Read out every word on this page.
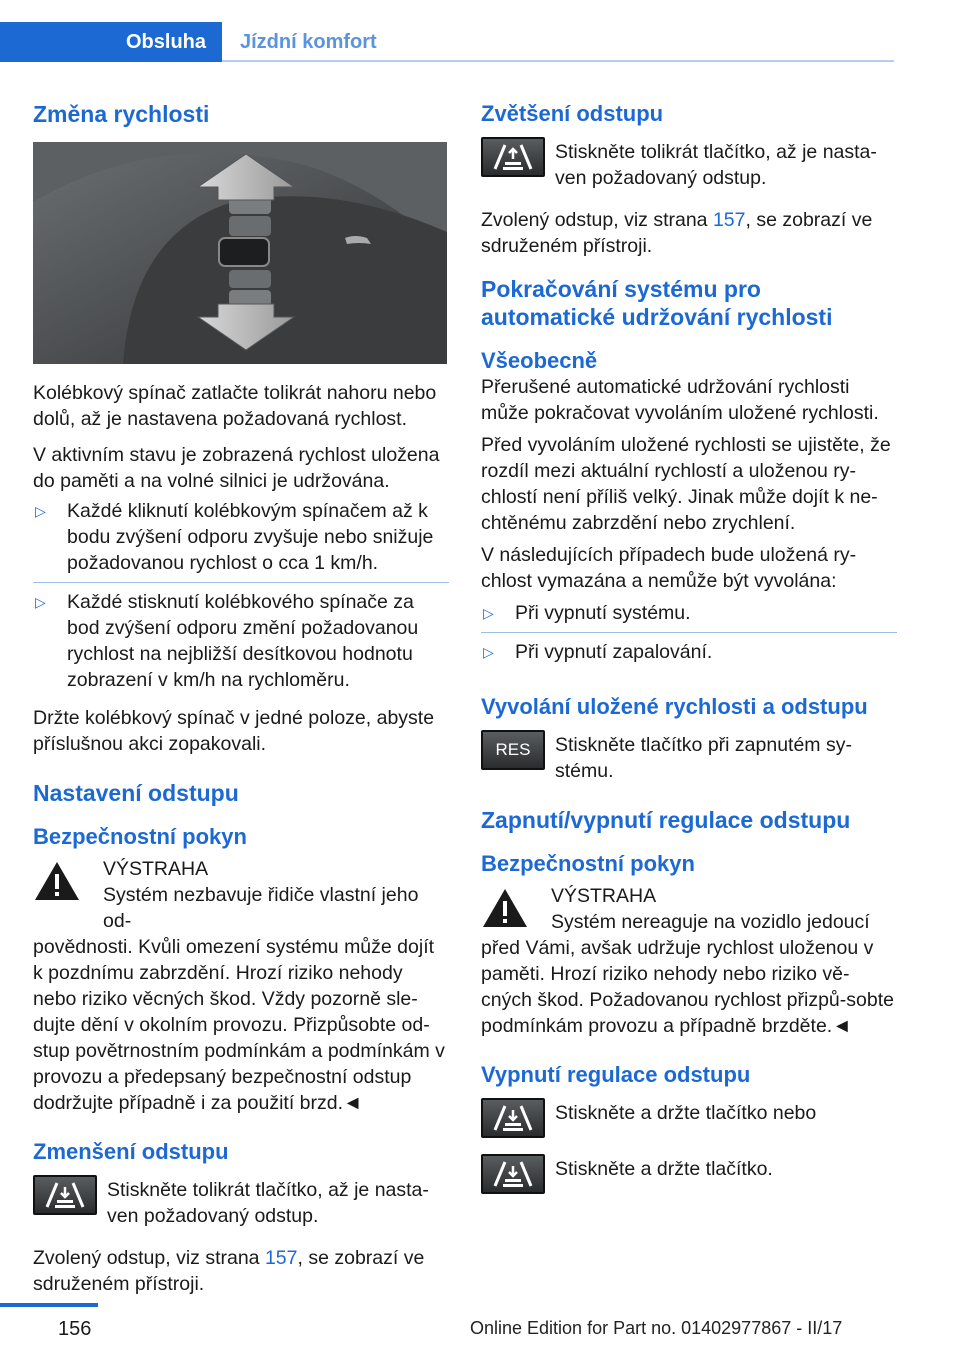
Obsluha	Jízdní komfort
Změna rychlosti

Kolébkový spínač zatlačte tolikrát nahoru nebo dolů, až je nastavena požadovaná rychlost.

V aktivním stavu je zobrazená rychlost uložena do paměti a na volné silnici je udržována.

▷ Každé kliknutí kolébkovým spínačem až k bodu zvýšení odporu zvyšuje nebo snižuje požadovanou rychlost o cca 1 km/h.
▷ Každé stisknutí kolébkového spínače za bod zvýšení odporu změní požadovanou rychlost na nejbližší desítkovou hodnotu zobrazení v km/h na rychloměru.

Držte kolébkový spínač v jedné poloze, abyste příslušnou akci zopakovali.

Nastavení odstupu
Bezpečnostní pokyn

VÝSTRAHA

Systém nezbavuje řidiče vlastní jeho od-

povědnosti. Kvůli omezení systému může dojít k pozdnímu zabrzdění. Hrozí riziko nehody nebo riziko věcných škod. Vždy pozorně sle-dujte dění v okolním provozu. Přizpůsobte od-stup povětrnostním podmínkám a podmínkám v provozu a předepsaný bezpečnostní odstup dodržujte případně i za použití brzd.◄

Zmenšení odstupu

Stiskněte tolikrát tlačítko, až je nasta-ven požadovaný odstup.

Zvolený odstup, viz strana 157, se zobrazí ve sdruženém přístroji.

Zvětšení odstupu

Stiskněte tolikrát tlačítko, až je nasta-ven požadovaný odstup.

Zvolený odstup, viz strana 157, se zobrazí ve sdruženém přístroji.

Pokračování systému pro automatické udržování rychlosti
Všeobecně

Přerušené automatické udržování rychlosti může pokračovat vyvoláním uložené rychlosti.

Před vyvoláním uložené rychlosti se ujistěte, že rozdíl mezi aktuální rychlostí a uloženou ry-chlostí není příliš velký. Jinak může dojít k ne-chtěnému zabrzdění nebo zrychlení.

V následujících případech bude uložená ry-chlost vymazána a nemůže být vyvolána:

▷ Při vypnutí systému.
▷ Při vypnutí zapalování.
Vyvolání uložené rychlosti a odstupu
RES Stiskněte tlačítko při zapnutém sy-stému.

Zapnutí/vypnutí regulace odstupu
Bezpečnostní pokyn

VÝSTRAHA

Systém nereaguje na vozidlo jedoucí

před Vámi, avšak udržuje rychlost uloženou v paměti. Hrozí riziko nehody nebo riziko vě-cných škod. Požadovanou rychlost přizpů-sobte podmínkám provozu a případně brzděte.◄

Vypnutí regulace odstupu

Stiskněte a držte tlačítko nebo

Stiskněte a držte tlačítko.

156	Online Edition for Part no. 01402977867 - II/17
